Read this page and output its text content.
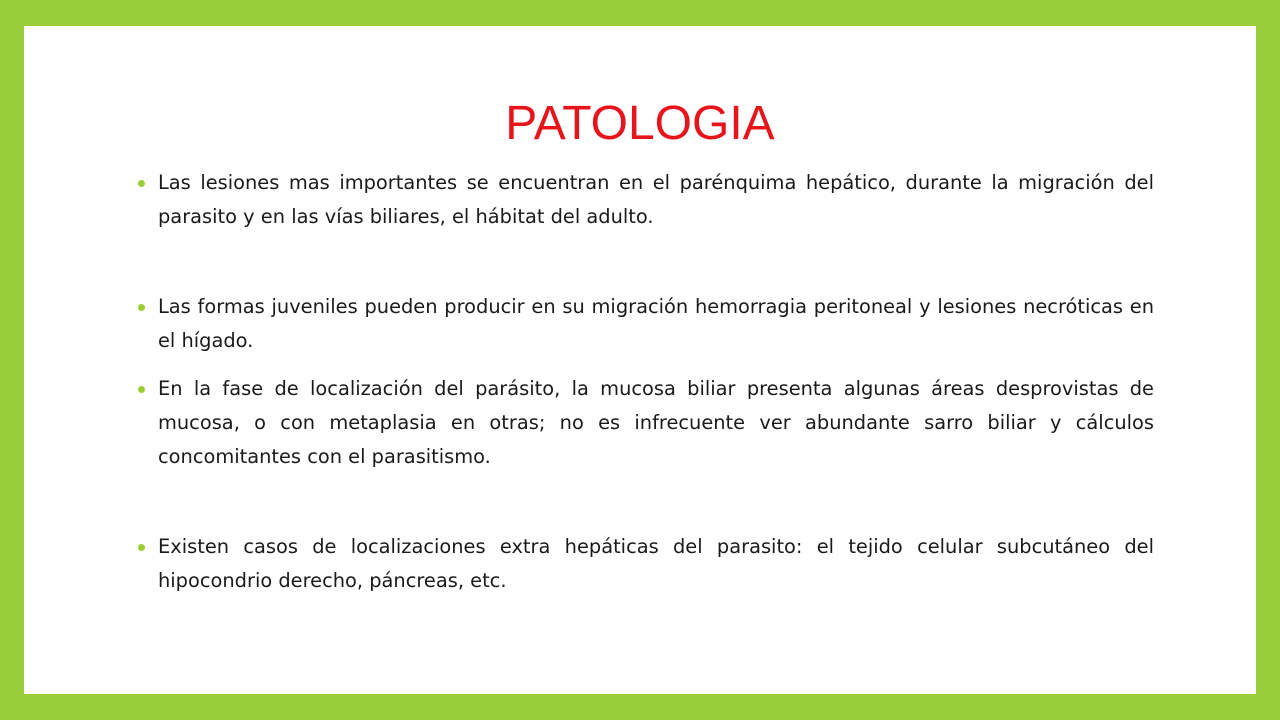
PATOLOGIA
Las lesiones mas importantes se encuentran en el parénquima hepático, durante la migración del parasito y en las vías biliares, el hábitat del adulto.
Las formas juveniles pueden producir en su migración hemorragia peritoneal y lesiones necróticas en el hígado.
En la fase de localización del parásito, la mucosa biliar presenta algunas áreas desprovistas de mucosa, o con metaplasia en otras; no es infrecuente ver abundante sarro biliar y cálculos concomitantes con el parasitismo.
Existen casos de localizaciones extra hepáticas del parasito: el tejido celular subcutáneo del hipocondrio derecho, páncreas, etc.
